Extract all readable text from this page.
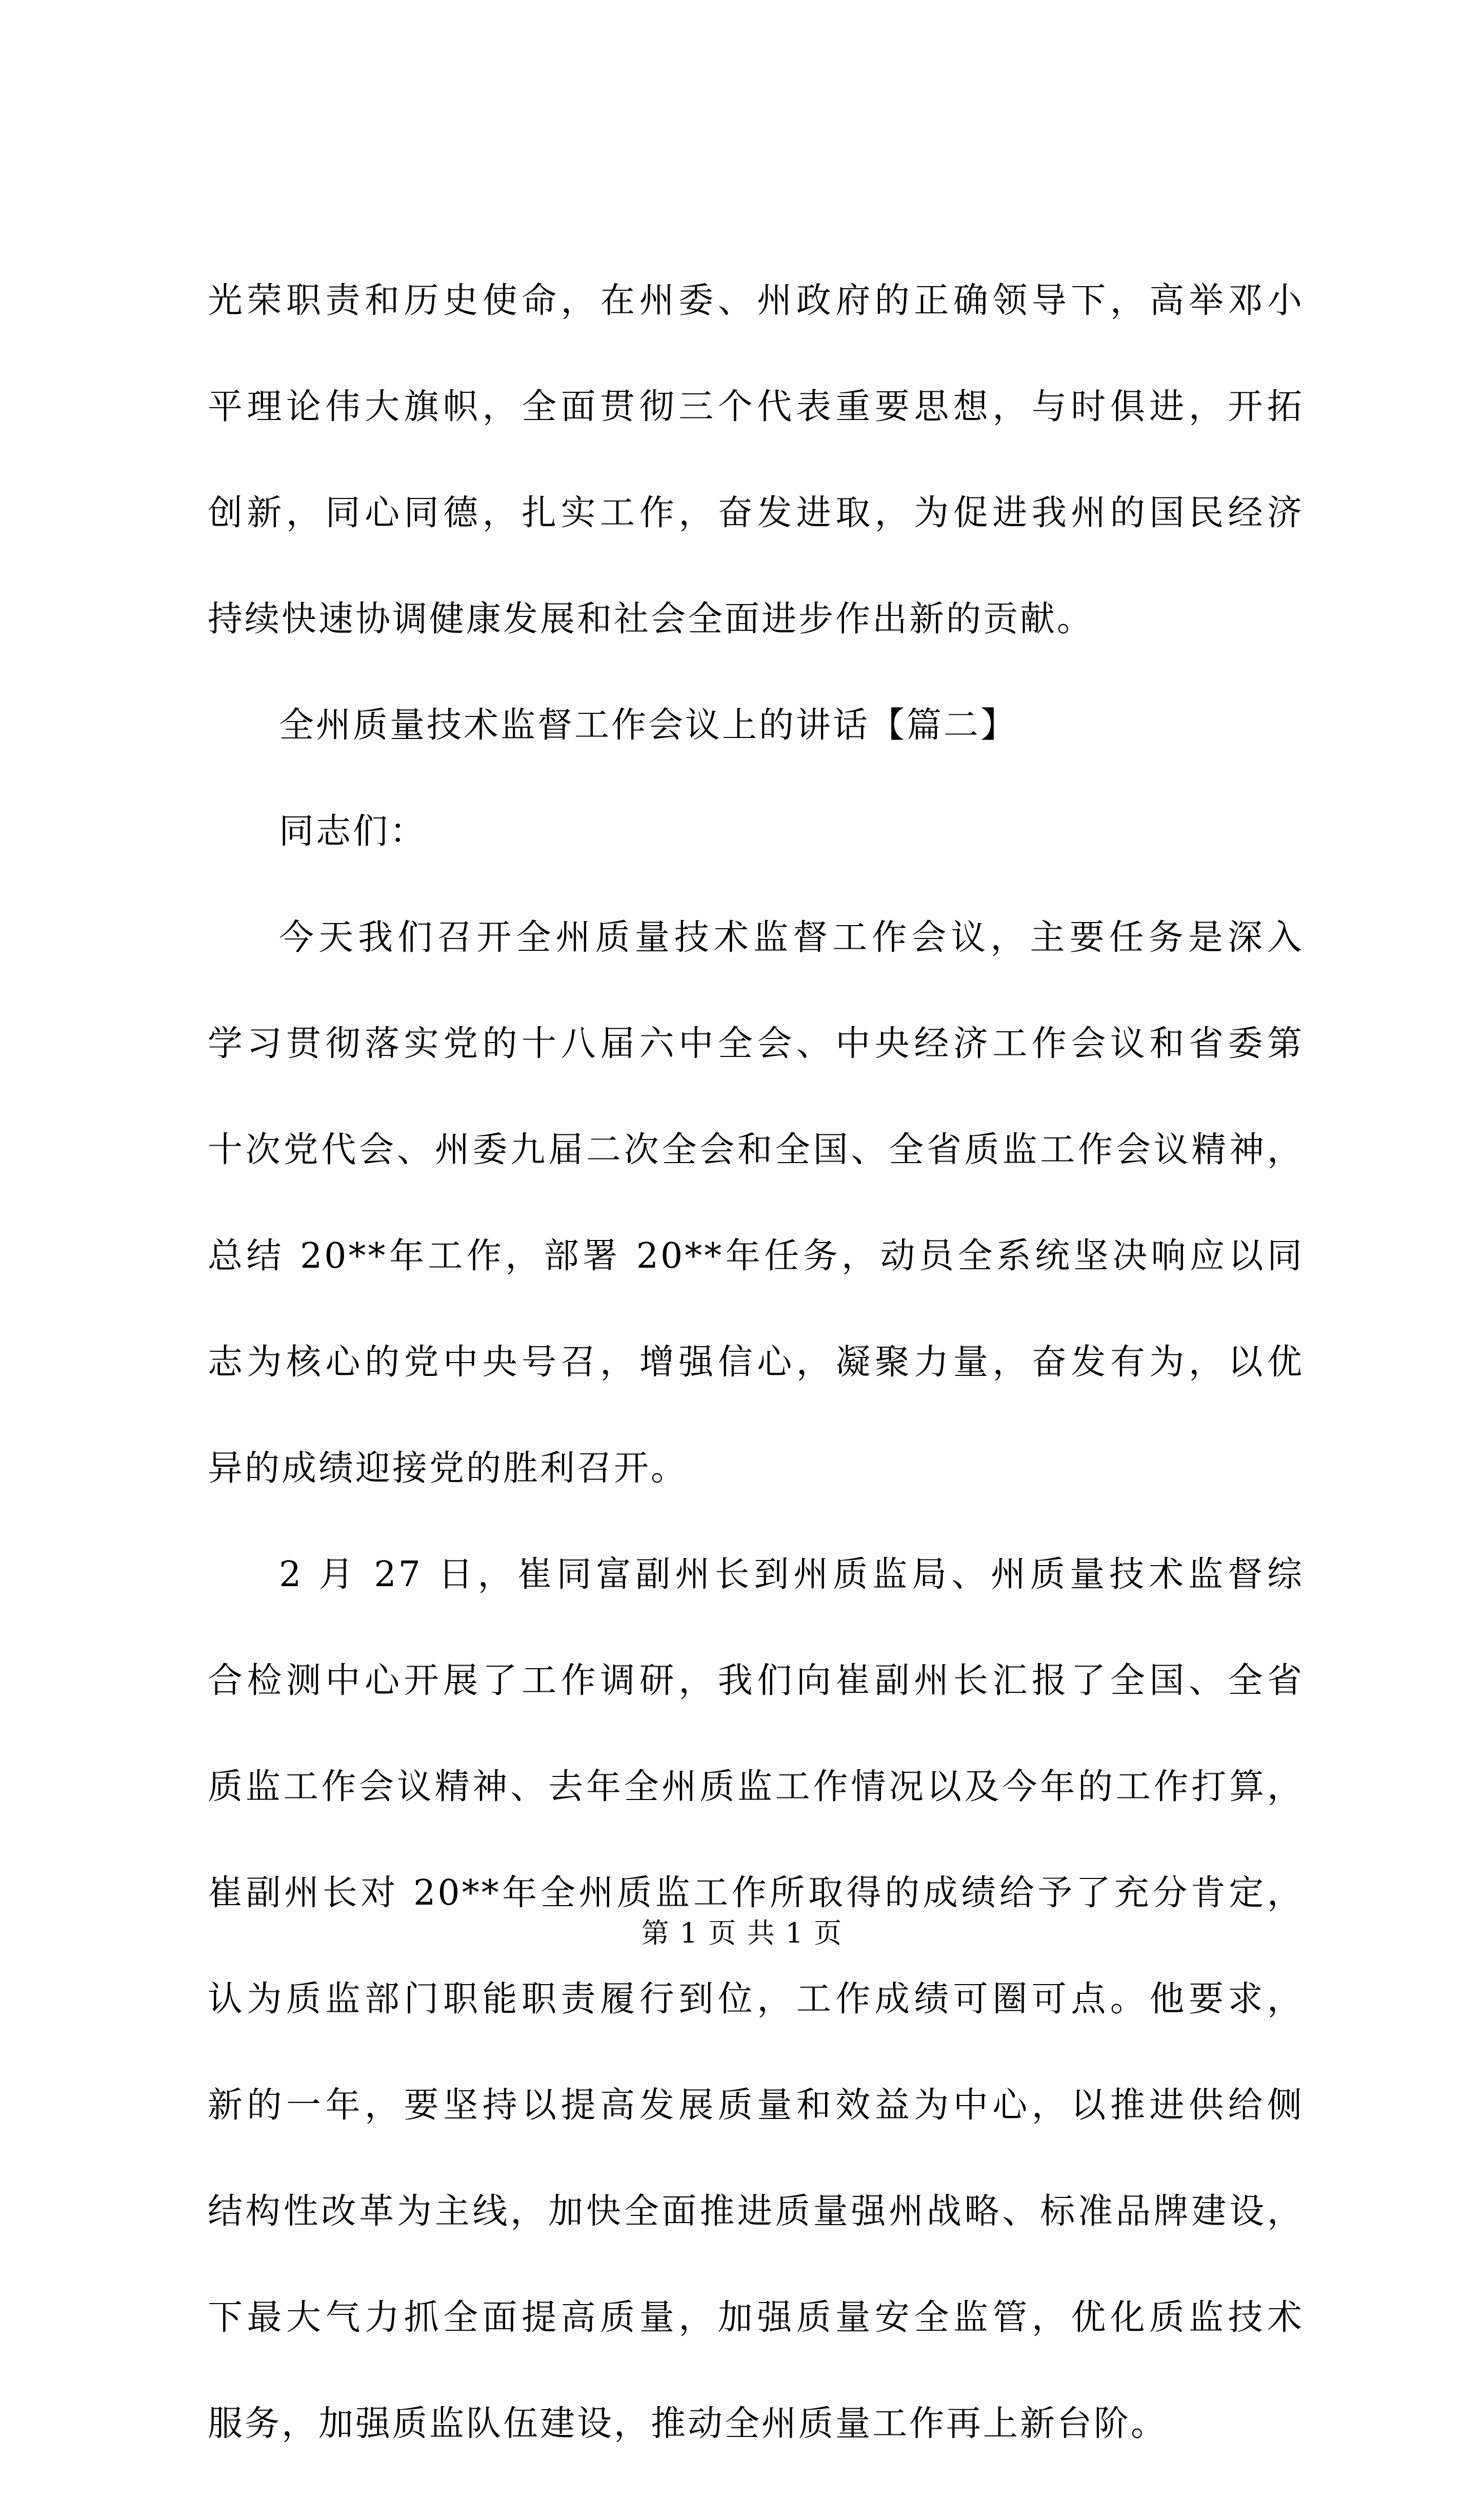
光荣职责和历史使命，在州委、州政府的正确领导下，高举邓小
平理论伟大旗帜，全面贯彻三个代表重要思想，与时俱进，开拓
创新，同心同德，扎实工作，奋发进取，为促进我州的国民经济
持续快速协调健康发展和社会全面进步作出新的贡献。
全州质量技术监督工作会议上的讲话【篇二】
同志们：
今天我们召开全州质量技术监督工作会议，主要任务是深入
学习贯彻落实党的十八届六中全会、中央经济工作会议和省委第
十次党代会、州委九届二次全会和全国、全省质监工作会议精神，
总结 20**年工作，部署 20**年任务，动员全系统坚决响应以同
志为核心的党中央号召，增强信心，凝聚力量，奋发有为，以优
异的成绩迎接党的胜利召开。
2 月 27 日，崔同富副州长到州质监局、州质量技术监督综
合检测中心开展了工作调研，我们向崔副州长汇报了全国、全省
质监工作会议精神、去年全州质监工作情况以及今年的工作打算，
崔副州长对 20**年全州质监工作所取得的成绩给予了充分肯定，
认为质监部门职能职责履行到位，工作成绩可圈可点。他要求，
新的一年，要坚持以提高发展质量和效益为中心，以推进供给侧
结构性改革为主线，加快全面推进质量强州战略、标准品牌建设，
下最大气力抓全面提高质量，加强质量安全监管，优化质监技术
服务，加强质监队伍建设，推动全州质量工作再上新台阶。
第 1 页 共 1 页
